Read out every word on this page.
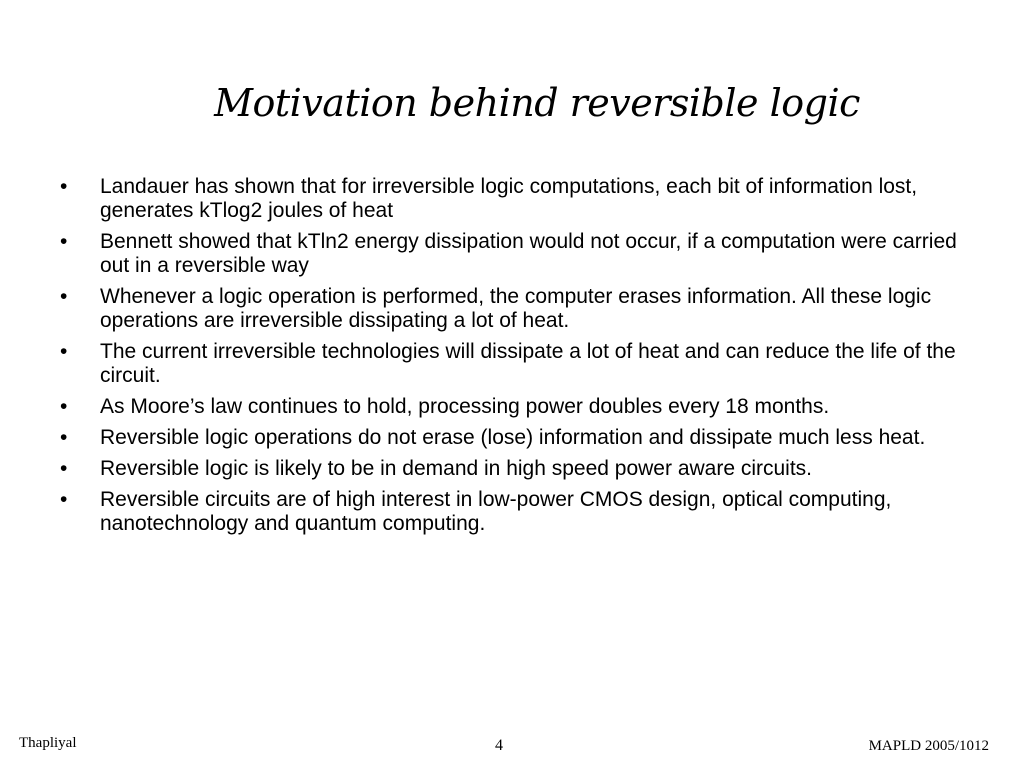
Motivation behind reversible logic
• Landauer has shown that for irreversible logic computations, each bit of information lost, generates kTlog2 joules of heat
• Bennett showed that kTln2 energy dissipation would not occur, if a computation were carried out in a reversible way
• Whenever a logic operation is performed, the computer erases information. All these logic operations are irreversible dissipating a lot of heat.
• The current irreversible technologies will dissipate a lot of heat and can reduce the life of the circuit.
• As Moore’s law continues to hold, processing power doubles every 18 months.
• Reversible logic operations do not erase (lose) information and dissipate much less heat.
• Reversible logic is likely to be in demand in high speed power aware circuits.
• Reversible circuits are of high interest in low-power CMOS design, optical computing, nanotechnology and quantum computing.
Thapliyal	4	MAPLD 2005/1012
